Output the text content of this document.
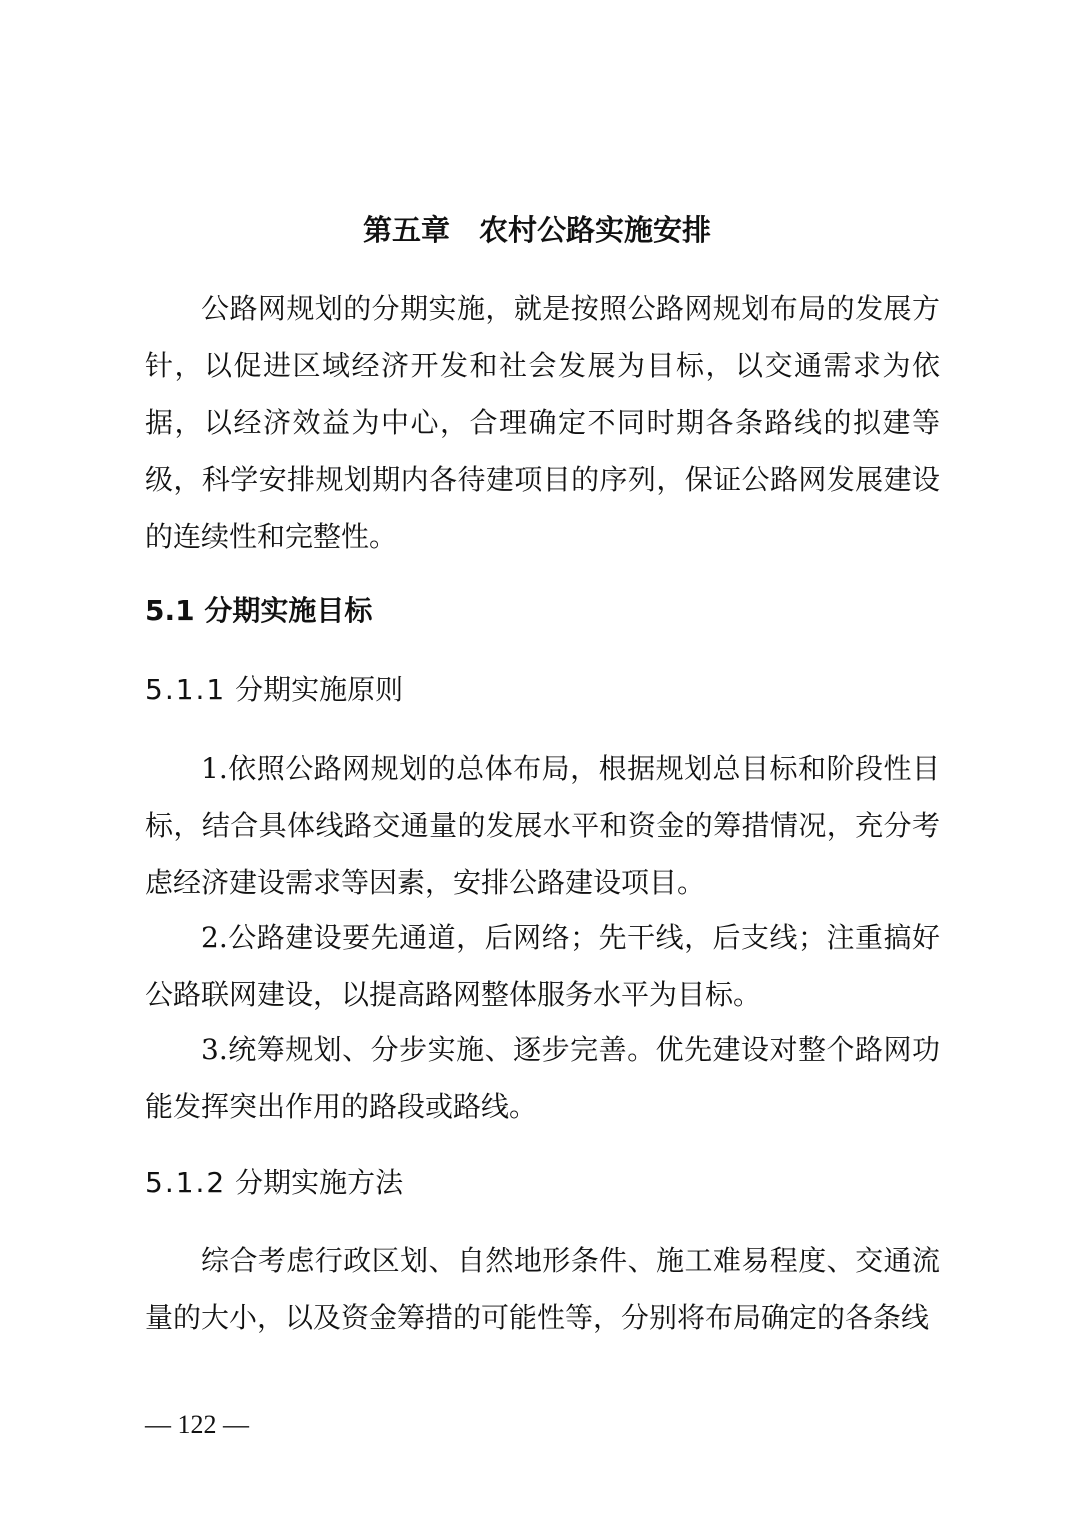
第五章　农村公路实施安排

公路网规划的分期实施，就是按照公路网规划布局的发展方针，以促进区域经济开发和社会发展为目标，以交通需求为依据，以经济效益为中心，合理确定不同时期各条路线的拟建等级，科学安排规划期内各待建项目的序列，保证公路网发展建设的连续性和完整性。

5.1 分期实施目标
5.1.1 分期实施原则

1.依照公路网规划的总体布局，根据规划总目标和阶段性目标，结合具体线路交通量的发展水平和资金的筹措情况，充分考虑经济建设需求等因素，安排公路建设项目。

2.公路建设要先通道，后网络；先干线，后支线；注重搞好公路联网建设，以提高路网整体服务水平为目标。

3.统筹规划、分步实施、逐步完善。优先建设对整个路网功能发挥突出作用的路段或路线。

5.1.2 分期实施方法

综合考虑行政区划、自然地形条件、施工难易程度、交通流量的大小，以及资金筹措的可能性等，分别将布局确定的各条线

— 122 —
